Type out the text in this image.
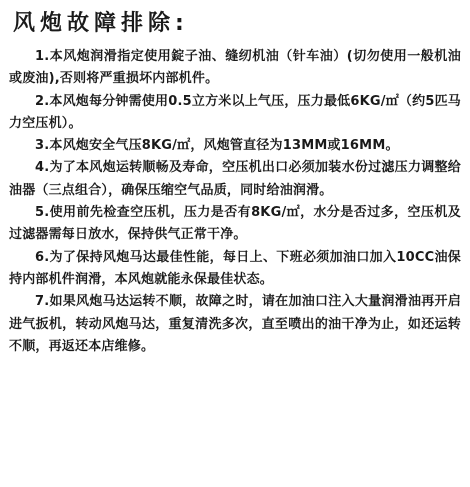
风炮故障排除:

1.本风炮润滑指定使用錠子油、缝纫机油（针车油）(切勿使用一般机油或废油),否则将严重损坏内部机件。

2.本风炮每分钟需使用0.5立方米以上气压，压力最低6KG/㎡（约5匹马力空压机）。

3.本风炮安全气压8KG/㎡，风炮管直径为13MM或16MM。

4.为了本风炮运转顺畅及寿命，空压机出口必须加装水份过滤压力调整给油器（三点组合），确保压缩空气品质，同时给油润滑。

5.使用前先检查空压机，压力是否有8KG/㎡，水分是否过多，空压机及过滤器需每日放水，保持供气正常干净。

6.为了保持风炮马达最佳性能，每日上、下班必须加油口加入10CC油保持内部机件润滑，本风炮就能永保最佳状态。

7.如果风炮马达运转不顺，故障之时，请在加油口注入大量润滑油再开启进气扳机，转动风炮马达，重复清洗多次，直至喷出的油干净为止，如还运转不顺，再返还本店维修。
